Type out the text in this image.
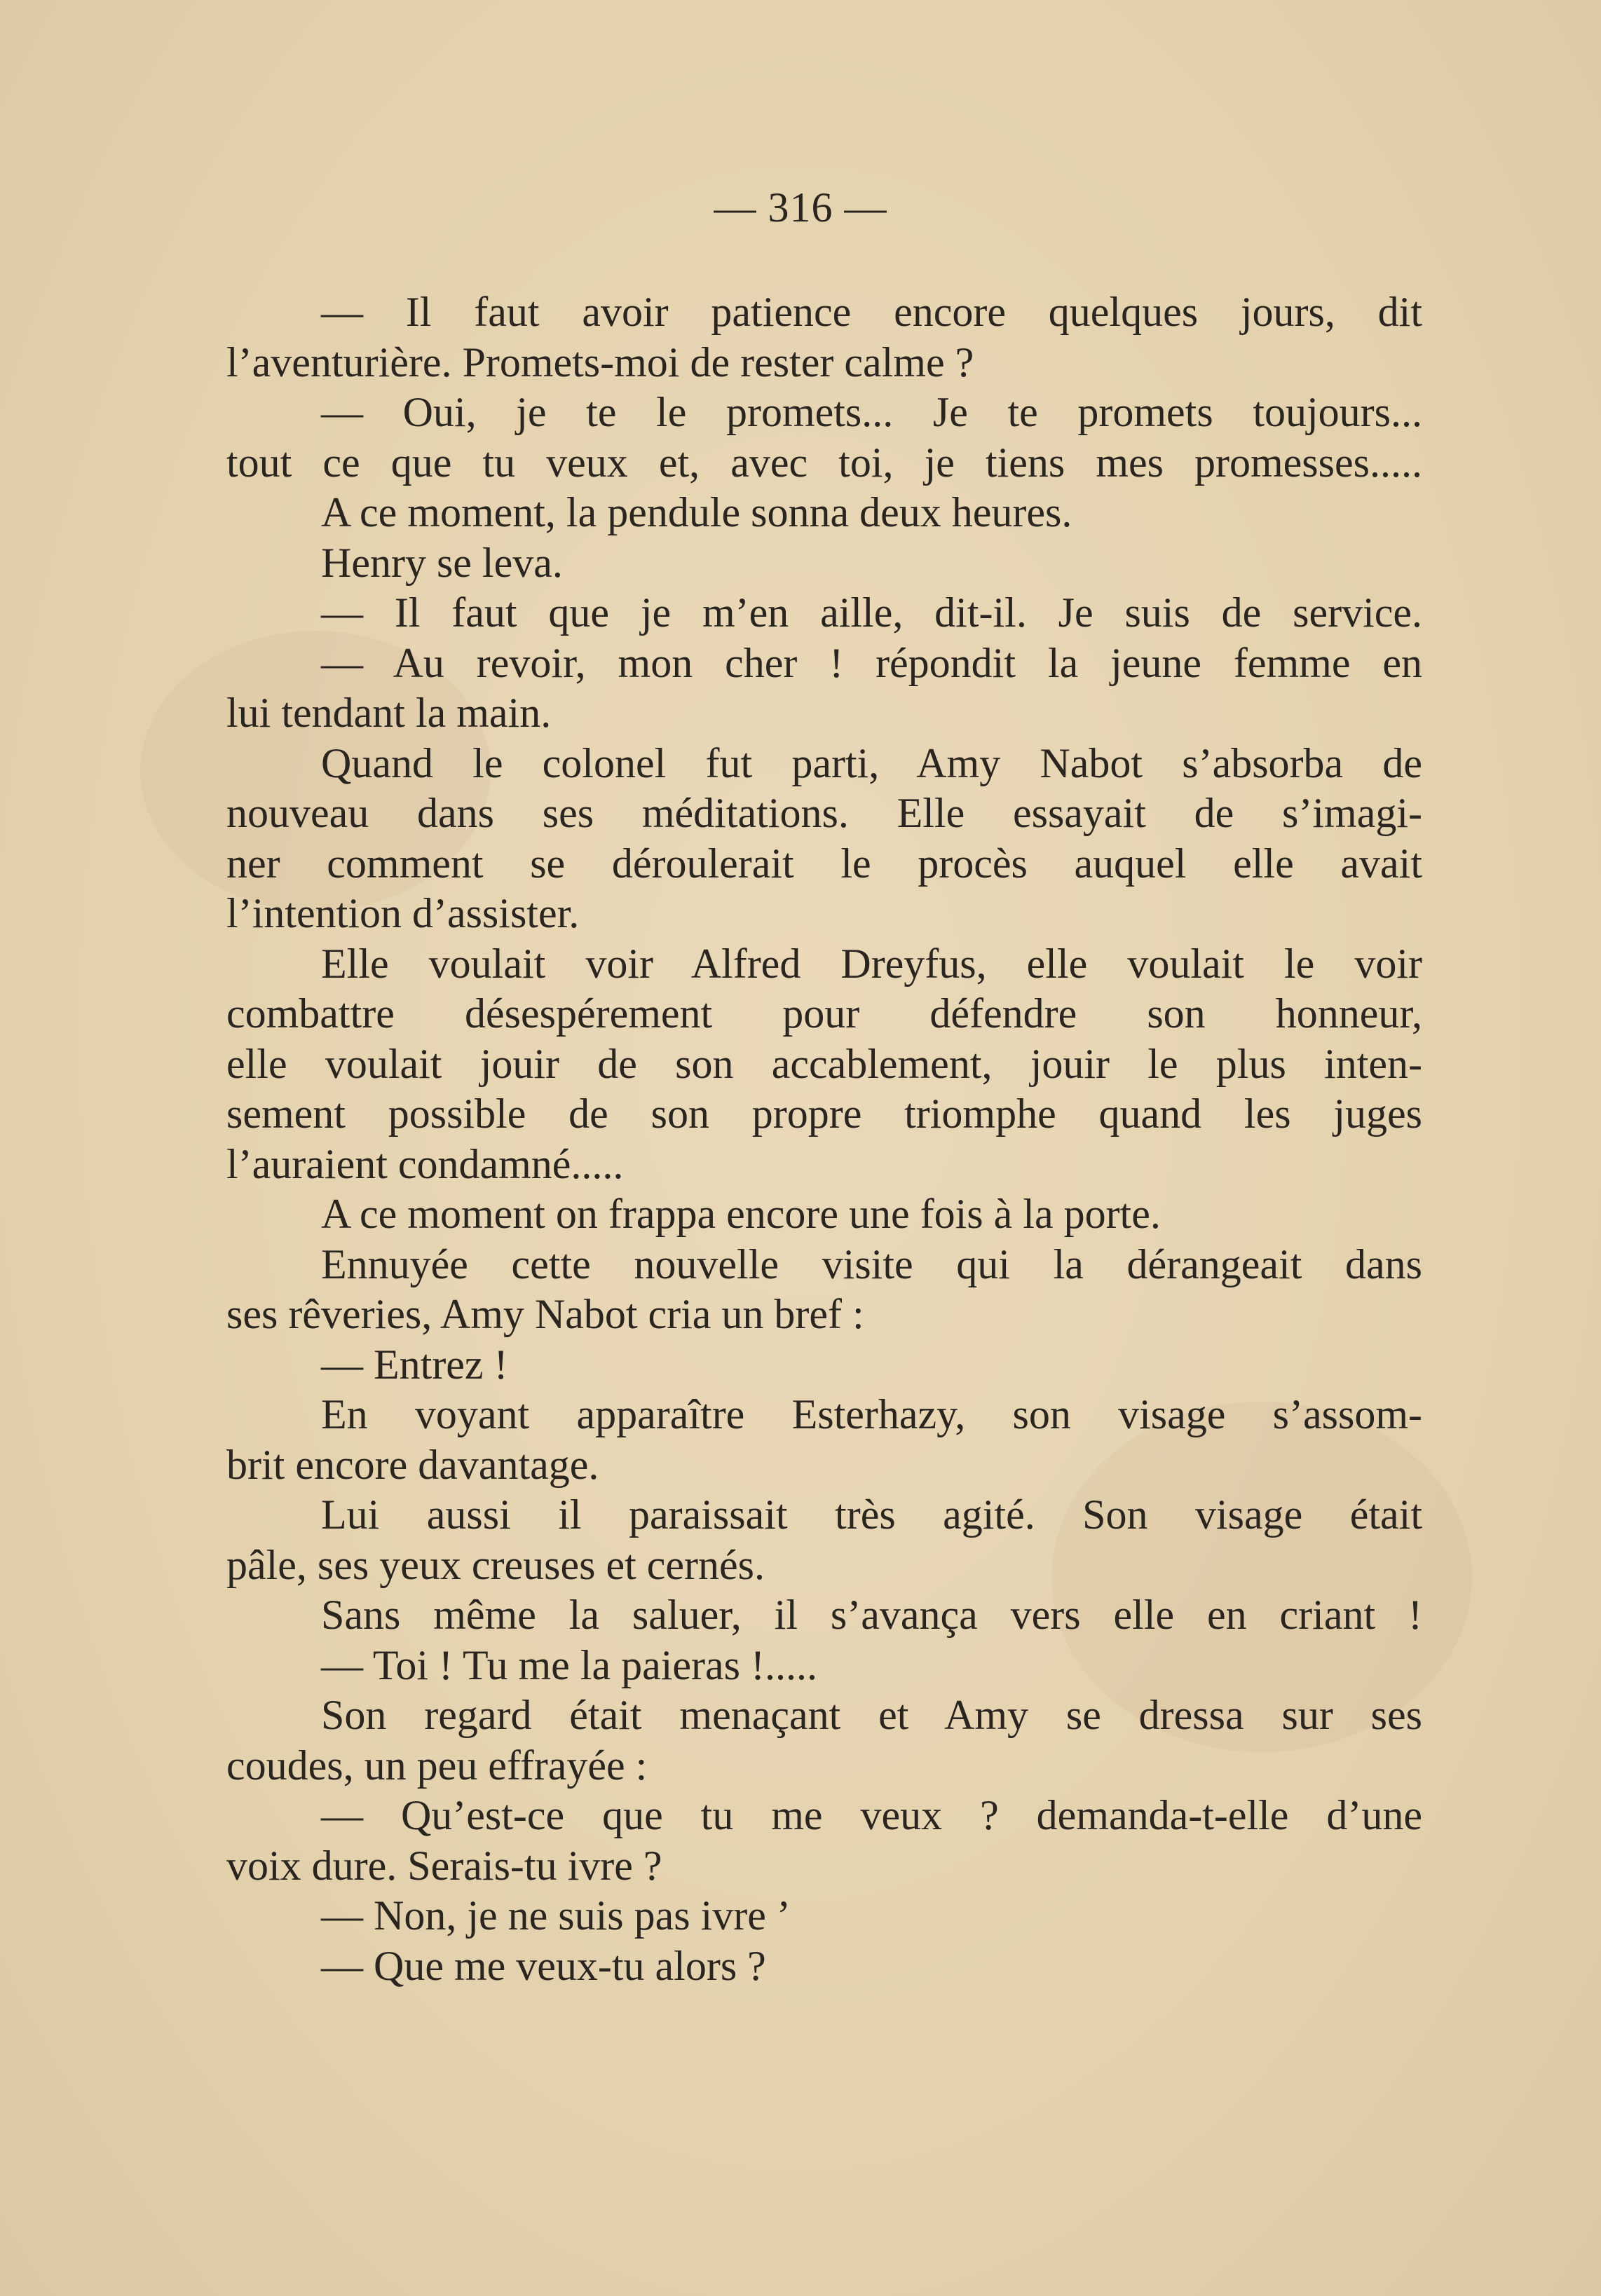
— 316 —
— Il faut avoir patience encore quelques jours, dit
l’aventurière. Promets-moi de rester calme ?
— Oui, je te le promets... Je te promets toujours...
tout ce que tu veux et, avec toi, je tiens mes promesses.....
A ce moment, la pendule sonna deux heures.
Henry se leva.
— Il faut que je m’en aille, dit-il. Je suis de service.
— Au revoir, mon cher ! répondit la jeune femme en
lui tendant la main.
Quand le colonel fut parti, Amy Nabot s’absorba de
nouveau dans ses méditations. Elle essayait de s’imagi-
ner comment se déroulerait le procès auquel elle avait
l’intention d’assister.
Elle voulait voir Alfred Dreyfus, elle voulait le voir
combattre désespérement pour défendre son honneur,
elle voulait jouir de son accablement, jouir le plus inten-
sement possible de son propre triomphe quand les juges
l’auraient condamné.....
A ce moment on frappa encore une fois à la porte.
Ennuyée cette nouvelle visite qui la dérangeait dans
ses rêveries, Amy Nabot cria un bref :
— Entrez !
En voyant apparaître Esterhazy, son visage s’assom-
brit encore davantage.
Lui aussi il paraissait très agité. Son visage était
pâle, ses yeux creuses et cernés.
Sans même la saluer, il s’avança vers elle en criant !
— Toi ! Tu me la paieras !.....
Son regard était menaçant et Amy se dressa sur ses
coudes, un peu effrayée :
— Qu’est-ce que tu me veux ? demanda-t-elle d’une
voix dure. Serais-tu ivre ?
— Non, je ne suis pas ivre ’
— Que me veux-tu alors ?
